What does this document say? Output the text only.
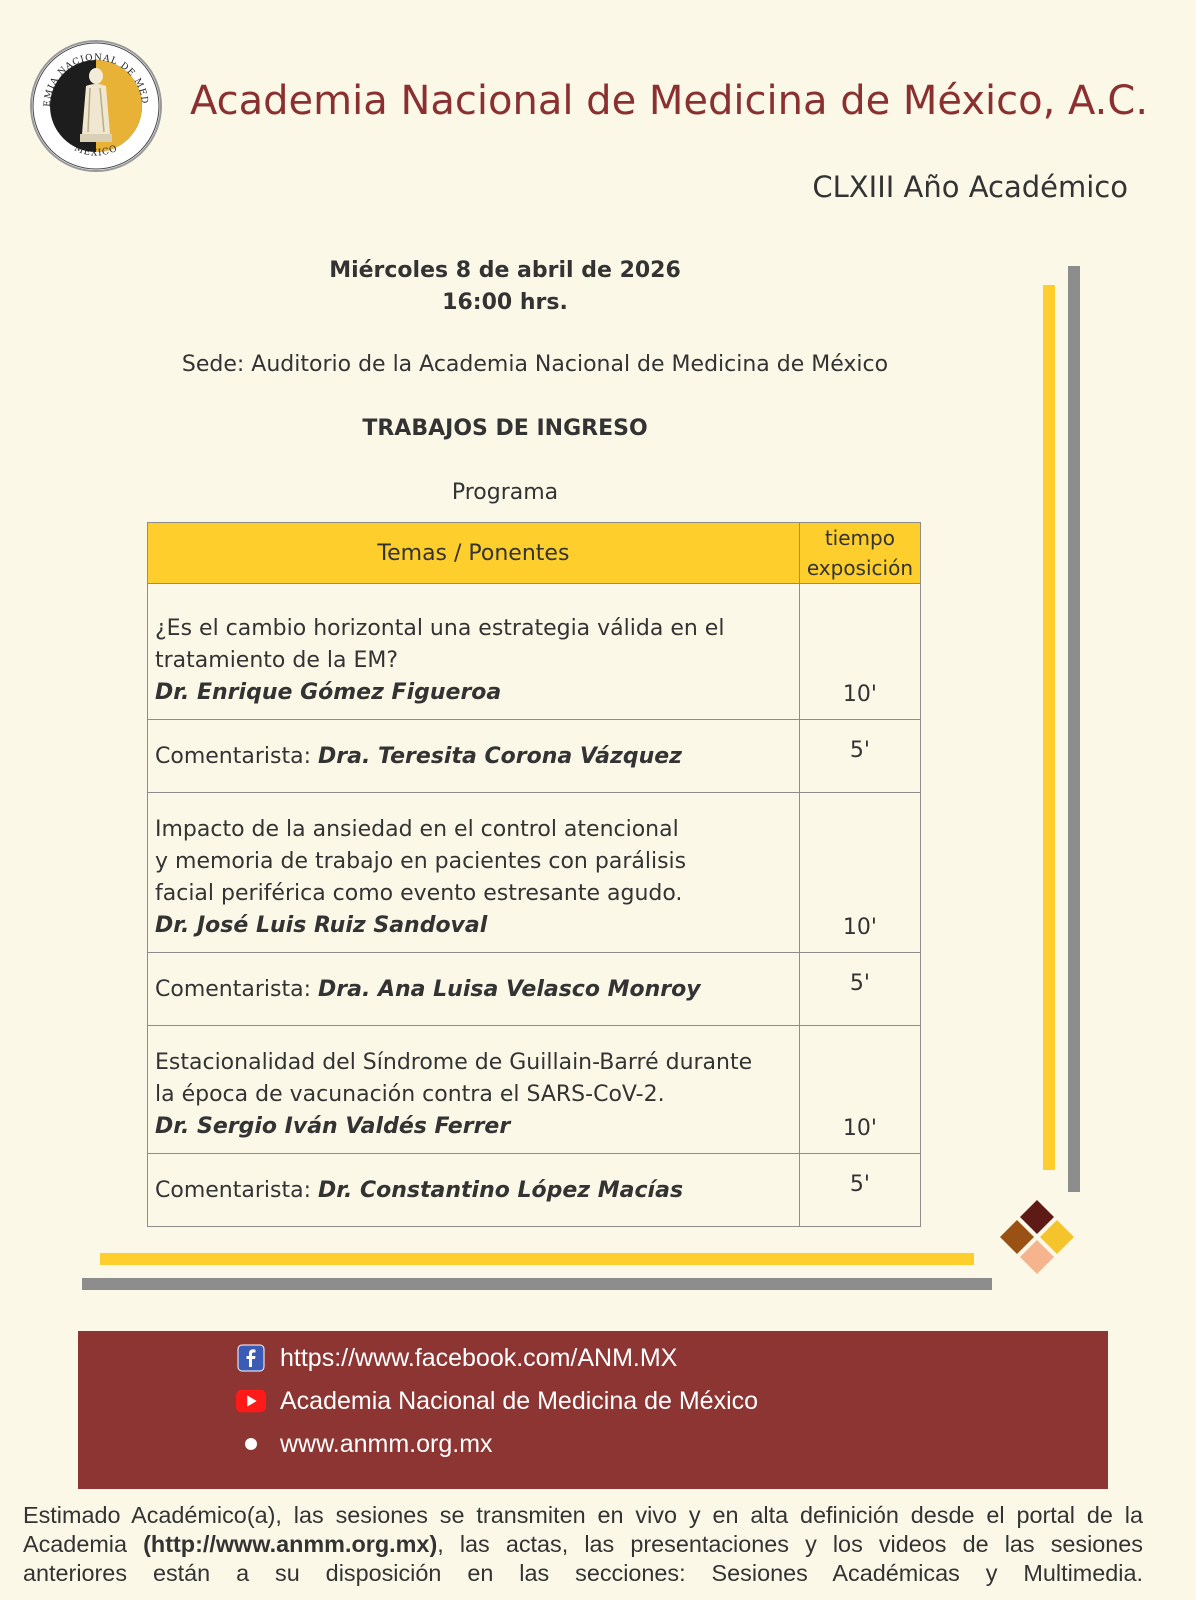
EMIA NACIONAL DE MED
MÉXICO
Academia Nacional de Medicina de México, A.C.
CLXIII Año Académico
Miércoles 8 de abril de 2026
16:00 hrs.
Sede: Auditorio de la Academia Nacional de Medicina de México
TRABAJOS DE INGRESO
Programa
Temas / Ponentes	tiempo
exposición

¿Es el cambio horizontal una estrategia válida en el
tratamiento de la EM?
Dr. Enrique Gómez Figueroa	10'
Comentarista: Dra. Teresita Corona Vázquez	5'

Impacto de la ansiedad en el control atencional
y memoria de trabajo en pacientes con parálisis
facial periférica como evento estresante agudo.
Dr. José Luis Ruiz Sandoval	10'
Comentarista: Dra. Ana Luisa Velasco Monroy	5'

Estacionalidad del Síndrome de Guillain-Barré durante
la época de vacunación contra el SARS-CoV-2.
Dr. Sergio Iván Valdés Ferrer	10'
Comentarista: Dr. Constantino López Macías	5'
https://www.facebook.com/ANM.MX
Academia Nacional de Medicina de México
www.anmm.org.mx

Estimado Académico(a), las sesiones se transmiten en vivo y en alta definición desde el portal de la Academia (http://www.anmm.org.mx), las actas, las presentaciones y los videos de las sesiones anteriores están a su disposición en las secciones: Sesiones Académicas y Multimedia.
